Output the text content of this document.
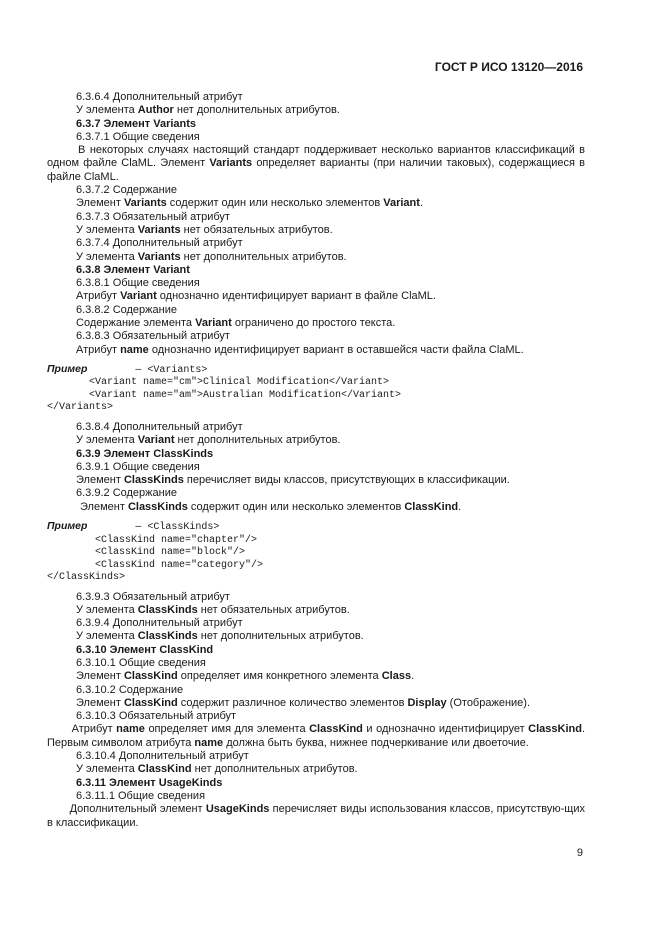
ГОСТ Р ИСО 13120—2016
6.3.6.4 Дополнительный атрибут
У элемента Author нет дополнительных атрибутов.
6.3.7 Элемент Variants
6.3.7.1 Общие сведения
В некоторых случаях настоящий стандарт поддерживает несколько вариантов классификаций в одном файле ClaML. Элемент Variants определяет варианты (при наличии таковых), содержащиеся в файле ClaML.
6.3.7.2 Содержание
Элемент Variants содержит один или несколько элементов Variant.
6.3.7.3 Обязательный атрибут
У элемента Variants нет обязательных атрибутов.
6.3.7.4 Дополнительный атрибут
У элемента Variants нет дополнительных атрибутов.
6.3.8 Элемент Variant
6.3.8.1 Общие сведения
Атрибут Variant однозначно идентифицирует вариант в файле ClaML.
6.3.8.2 Содержание
Содержание элемента Variant ограничено до простого текста.
6.3.8.3 Обязательный атрибут
Атрибут name однозначно идентифицирует вариант в оставшейся части файла ClaML.
Пример	— <Variants>
<Variant name="cm">Clinical Modification</Variant>
<Variant name="am">Australian Modification</Variant>
</Variants>
6.3.8.4 Дополнительный атрибут
У элемента Variant нет дополнительных атрибутов.
6.3.9 Элемент ClassKinds
6.3.9.1 Общие сведения
Элемент ClassKinds перечисляет виды классов, присутствующих в классификации.
6.3.9.2 Содержание
Элемент ClassKinds содержит один или несколько элементов ClassKind.
Пример	— <ClassKinds>
<ClassKind name="chapter"/>
<ClassKind name="block"/>
<ClassKind name="category"/>
</ClassKinds>
6.3.9.3 Обязательный атрибут
У элемента ClassKinds нет обязательных атрибутов.
6.3.9.4 Дополнительный атрибут
У элемента ClassKinds нет дополнительных атрибутов.
6.3.10 Элемент ClassKind
6.3.10.1 Общие сведения
Элемент ClassKind определяет имя конкретного элемента Class.
6.3.10.2 Содержание
Элемент ClassKind содержит различное количество элементов Display (Отображение).
6.3.10.3 Обязательный атрибут
Атрибут name определяет имя для элемента ClassKind и однозначно идентифицирует ClassKind. Первым символом атрибута name должна быть буква, нижнее подчеркивание или двоеточие.
6.3.10.4 Дополнительный атрибут
У элемента ClassKind нет дополнительных атрибутов.
6.3.11 Элемент UsageKinds
6.3.11.1 Общие сведения
Дополнительный элемент UsageKinds перечисляет виды использования классов, присутствую-щих в классификации.
9
